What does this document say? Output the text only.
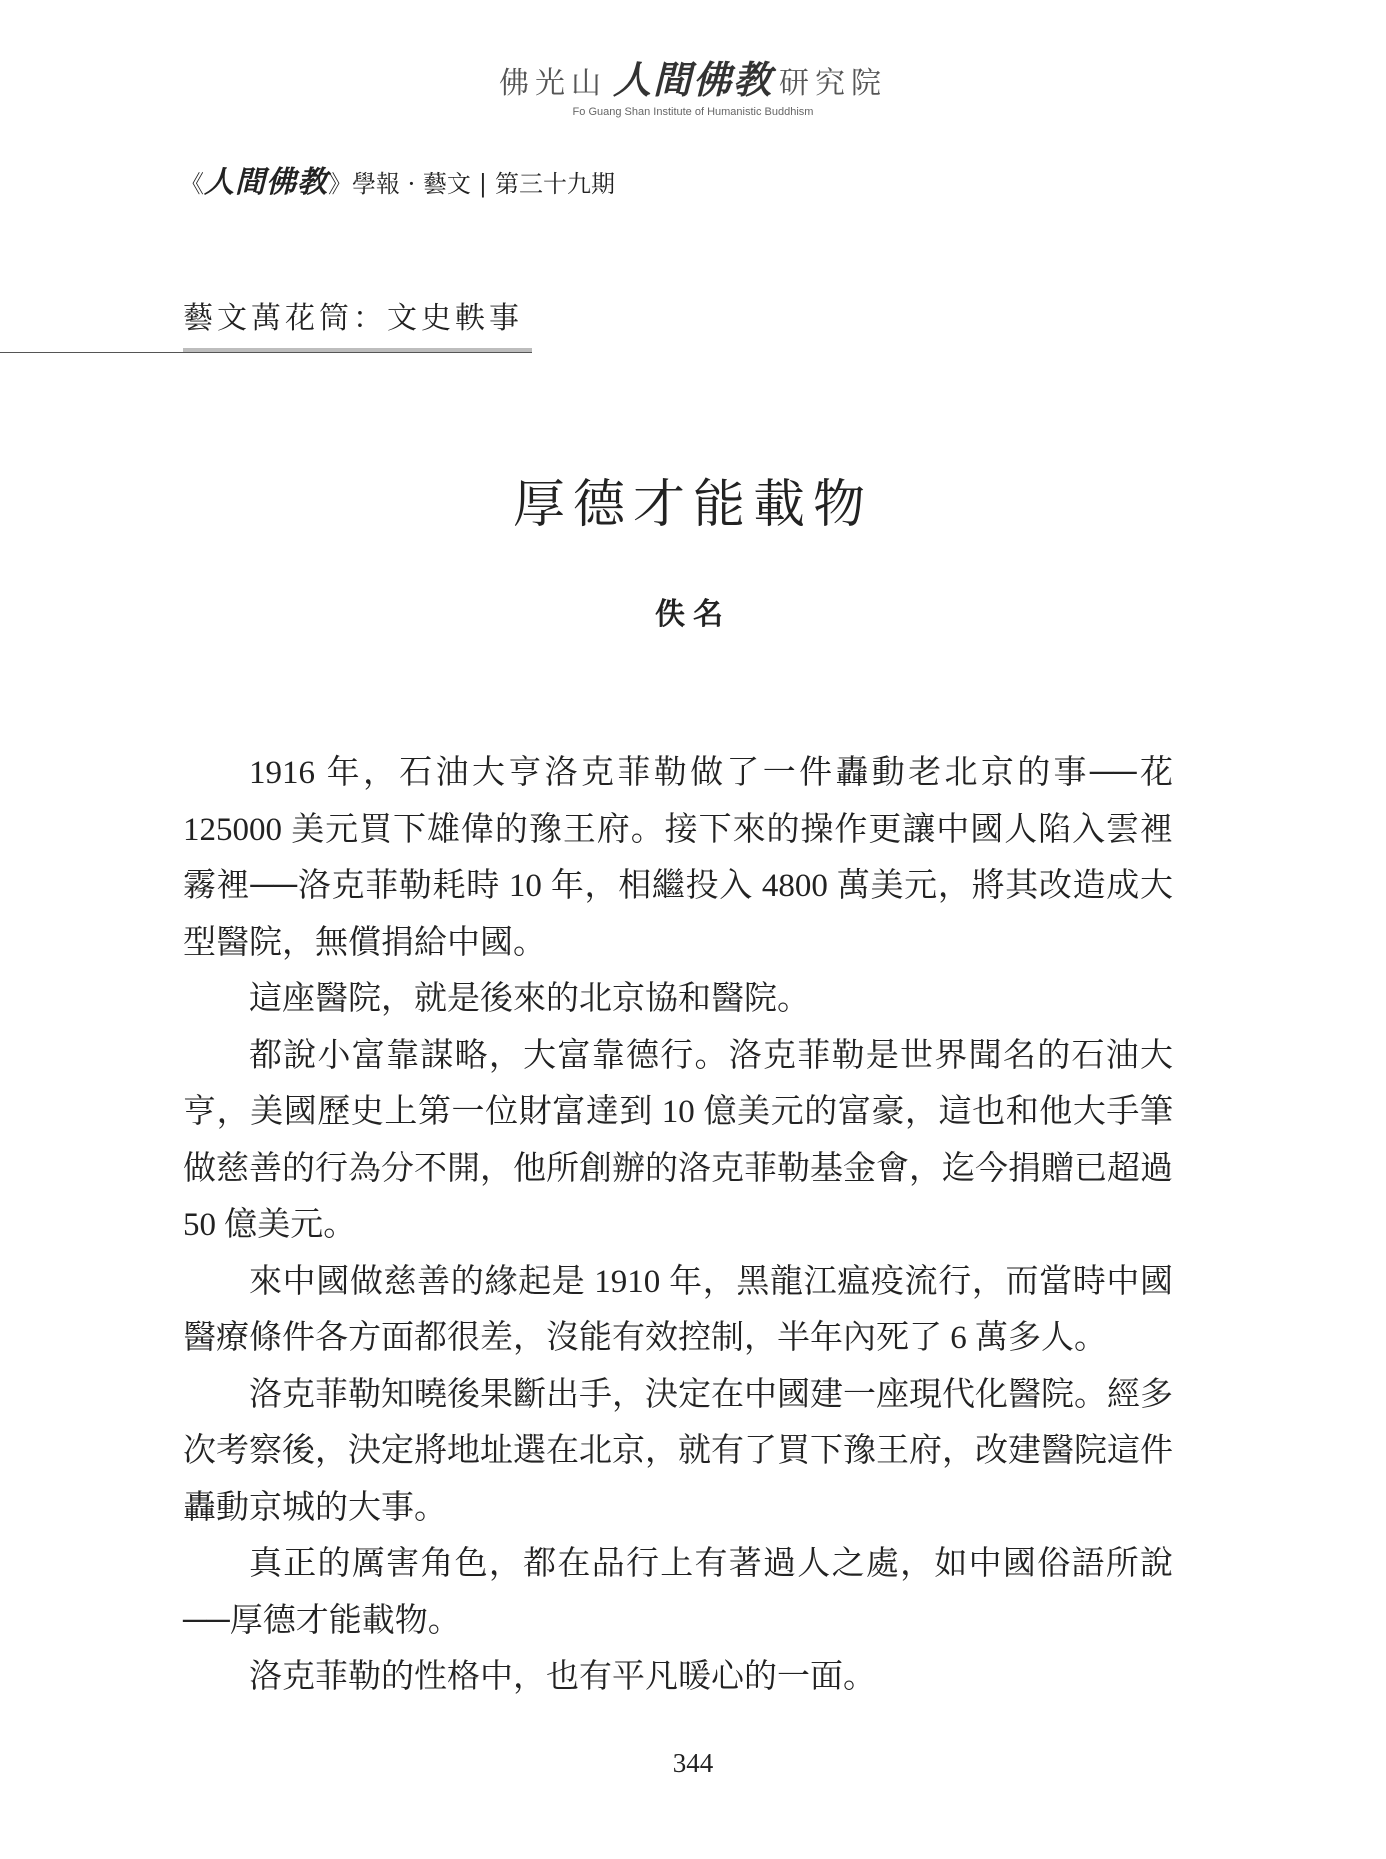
佛光山 人間佛教 研究院
Fo Guang Shan Institute of Humanistic Buddhism
《人間佛教》學報 · 藝文 | 第三十九期
藝文萬花筒：文史軼事
厚德才能載物
佚名

1916 年，石油大亨洛克菲勒做了一件轟動老北京的事──花 125000 美元買下雄偉的豫王府。接下來的操作更讓中國人陷入雲裡霧裡──洛克菲勒耗時 10 年，相繼投入 4800 萬美元，將其改造成大型醫院，無償捐給中國。

這座醫院，就是後來的北京協和醫院。

都說小富靠謀略，大富靠德行。洛克菲勒是世界聞名的石油大亨，美國歷史上第一位財富達到 10 億美元的富豪，這也和他大手筆做慈善的行為分不開，他所創辦的洛克菲勒基金會，迄今捐贈已超過 50 億美元。

來中國做慈善的緣起是 1910 年，黑龍江瘟疫流行，而當時中國醫療條件各方面都很差，沒能有效控制，半年內死了 6 萬多人。

洛克菲勒知曉後果斷出手，決定在中國建一座現代化醫院。經多次考察後，決定將地址選在北京，就有了買下豫王府，改建醫院這件轟動京城的大事。

真正的厲害角色，都在品行上有著過人之處，如中國俗語所說──厚德才能載物。

洛克菲勒的性格中，也有平凡暖心的一面。

344
